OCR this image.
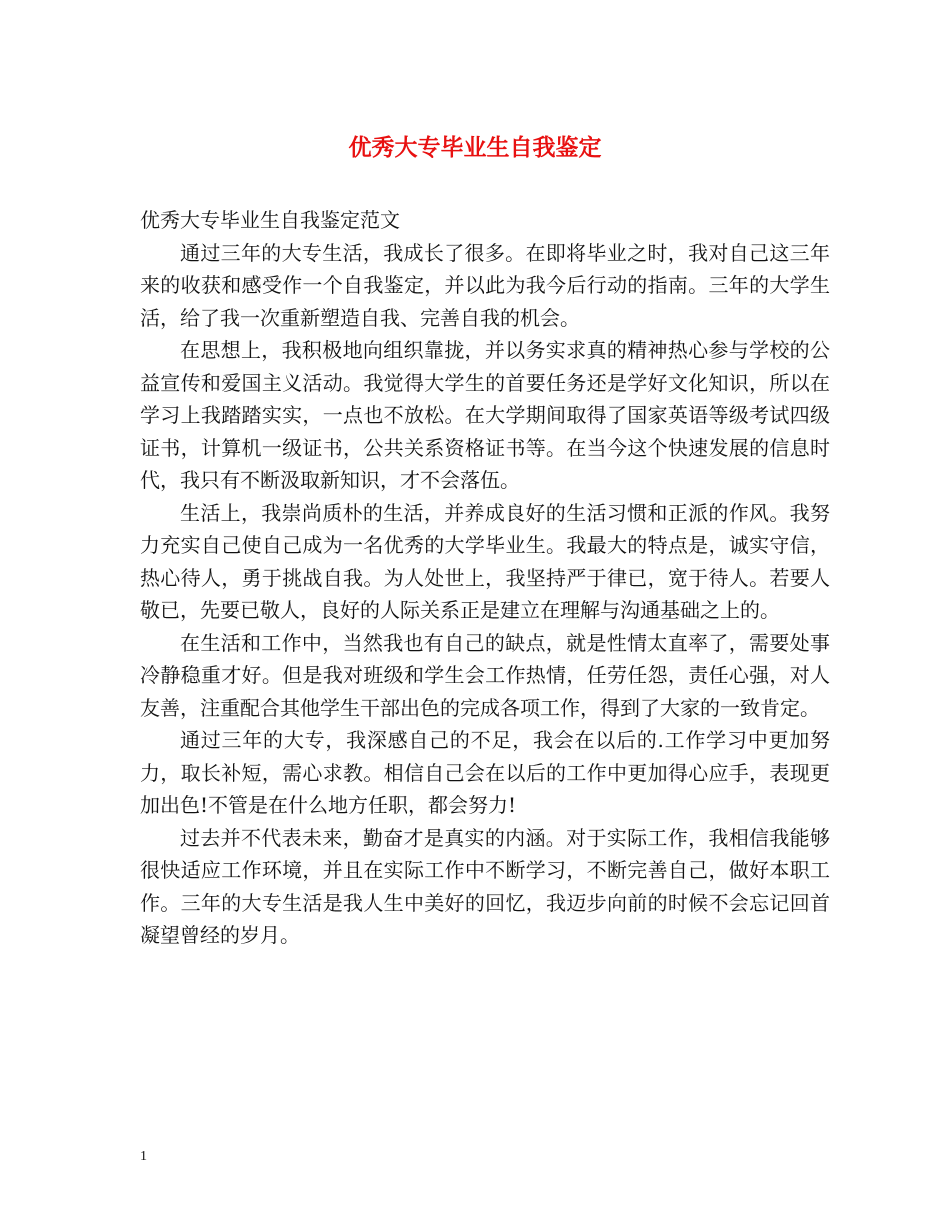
优秀大专毕业生自我鉴定

优秀大专毕业生自我鉴定范文

通过三年的大专生活，我成长了很多。在即将毕业之时，我对自己这三年来的收获和感受作一个自我鉴定，并以此为我今后行动的指南。三年的大学生活，给了我一次重新塑造自我、完善自我的机会。

在思想上，我积极地向组织靠拢，并以务实求真的精神热心参与学校的公益宣传和爱国主义活动。我觉得大学生的首要任务还是学好文化知识，所以在学习上我踏踏实实，一点也不放松。在大学期间取得了国家英语等级考试四级证书，计算机一级证书，公共关系资格证书等。在当今这个快速发展的信息时代，我只有不断汲取新知识，才不会落伍。

生活上，我崇尚质朴的生活，并养成良好的生活习惯和正派的作风。我努力充实自己使自己成为一名优秀的大学毕业生。我最大的特点是，诚实守信，热心待人，勇于挑战自我。为人处世上，我坚持严于律已，宽于待人。若要人敬已，先要已敬人，良好的人际关系正是建立在理解与沟通基础之上的。

在生活和工作中，当然我也有自己的缺点，就是性情太直率了，需要处事冷静稳重才好。但是我对班级和学生会工作热情，任劳任怨，责任心强，对人友善，注重配合其他学生干部出色的完成各项工作，得到了大家的一致肯定。

通过三年的大专，我深感自己的不足，我会在以后的.工作学习中更加努力，取长补短，需心求教。相信自己会在以后的工作中更加得心应手，表现更加出色!不管是在什么地方任职，都会努力!

过去并不代表未来，勤奋才是真实的内涵。对于实际工作，我相信我能够很快适应工作环境，并且在实际工作中不断学习，不断完善自己，做好本职工作。三年的大专生活是我人生中美好的回忆，我迈步向前的时候不会忘记回首凝望曾经的岁月。

1
